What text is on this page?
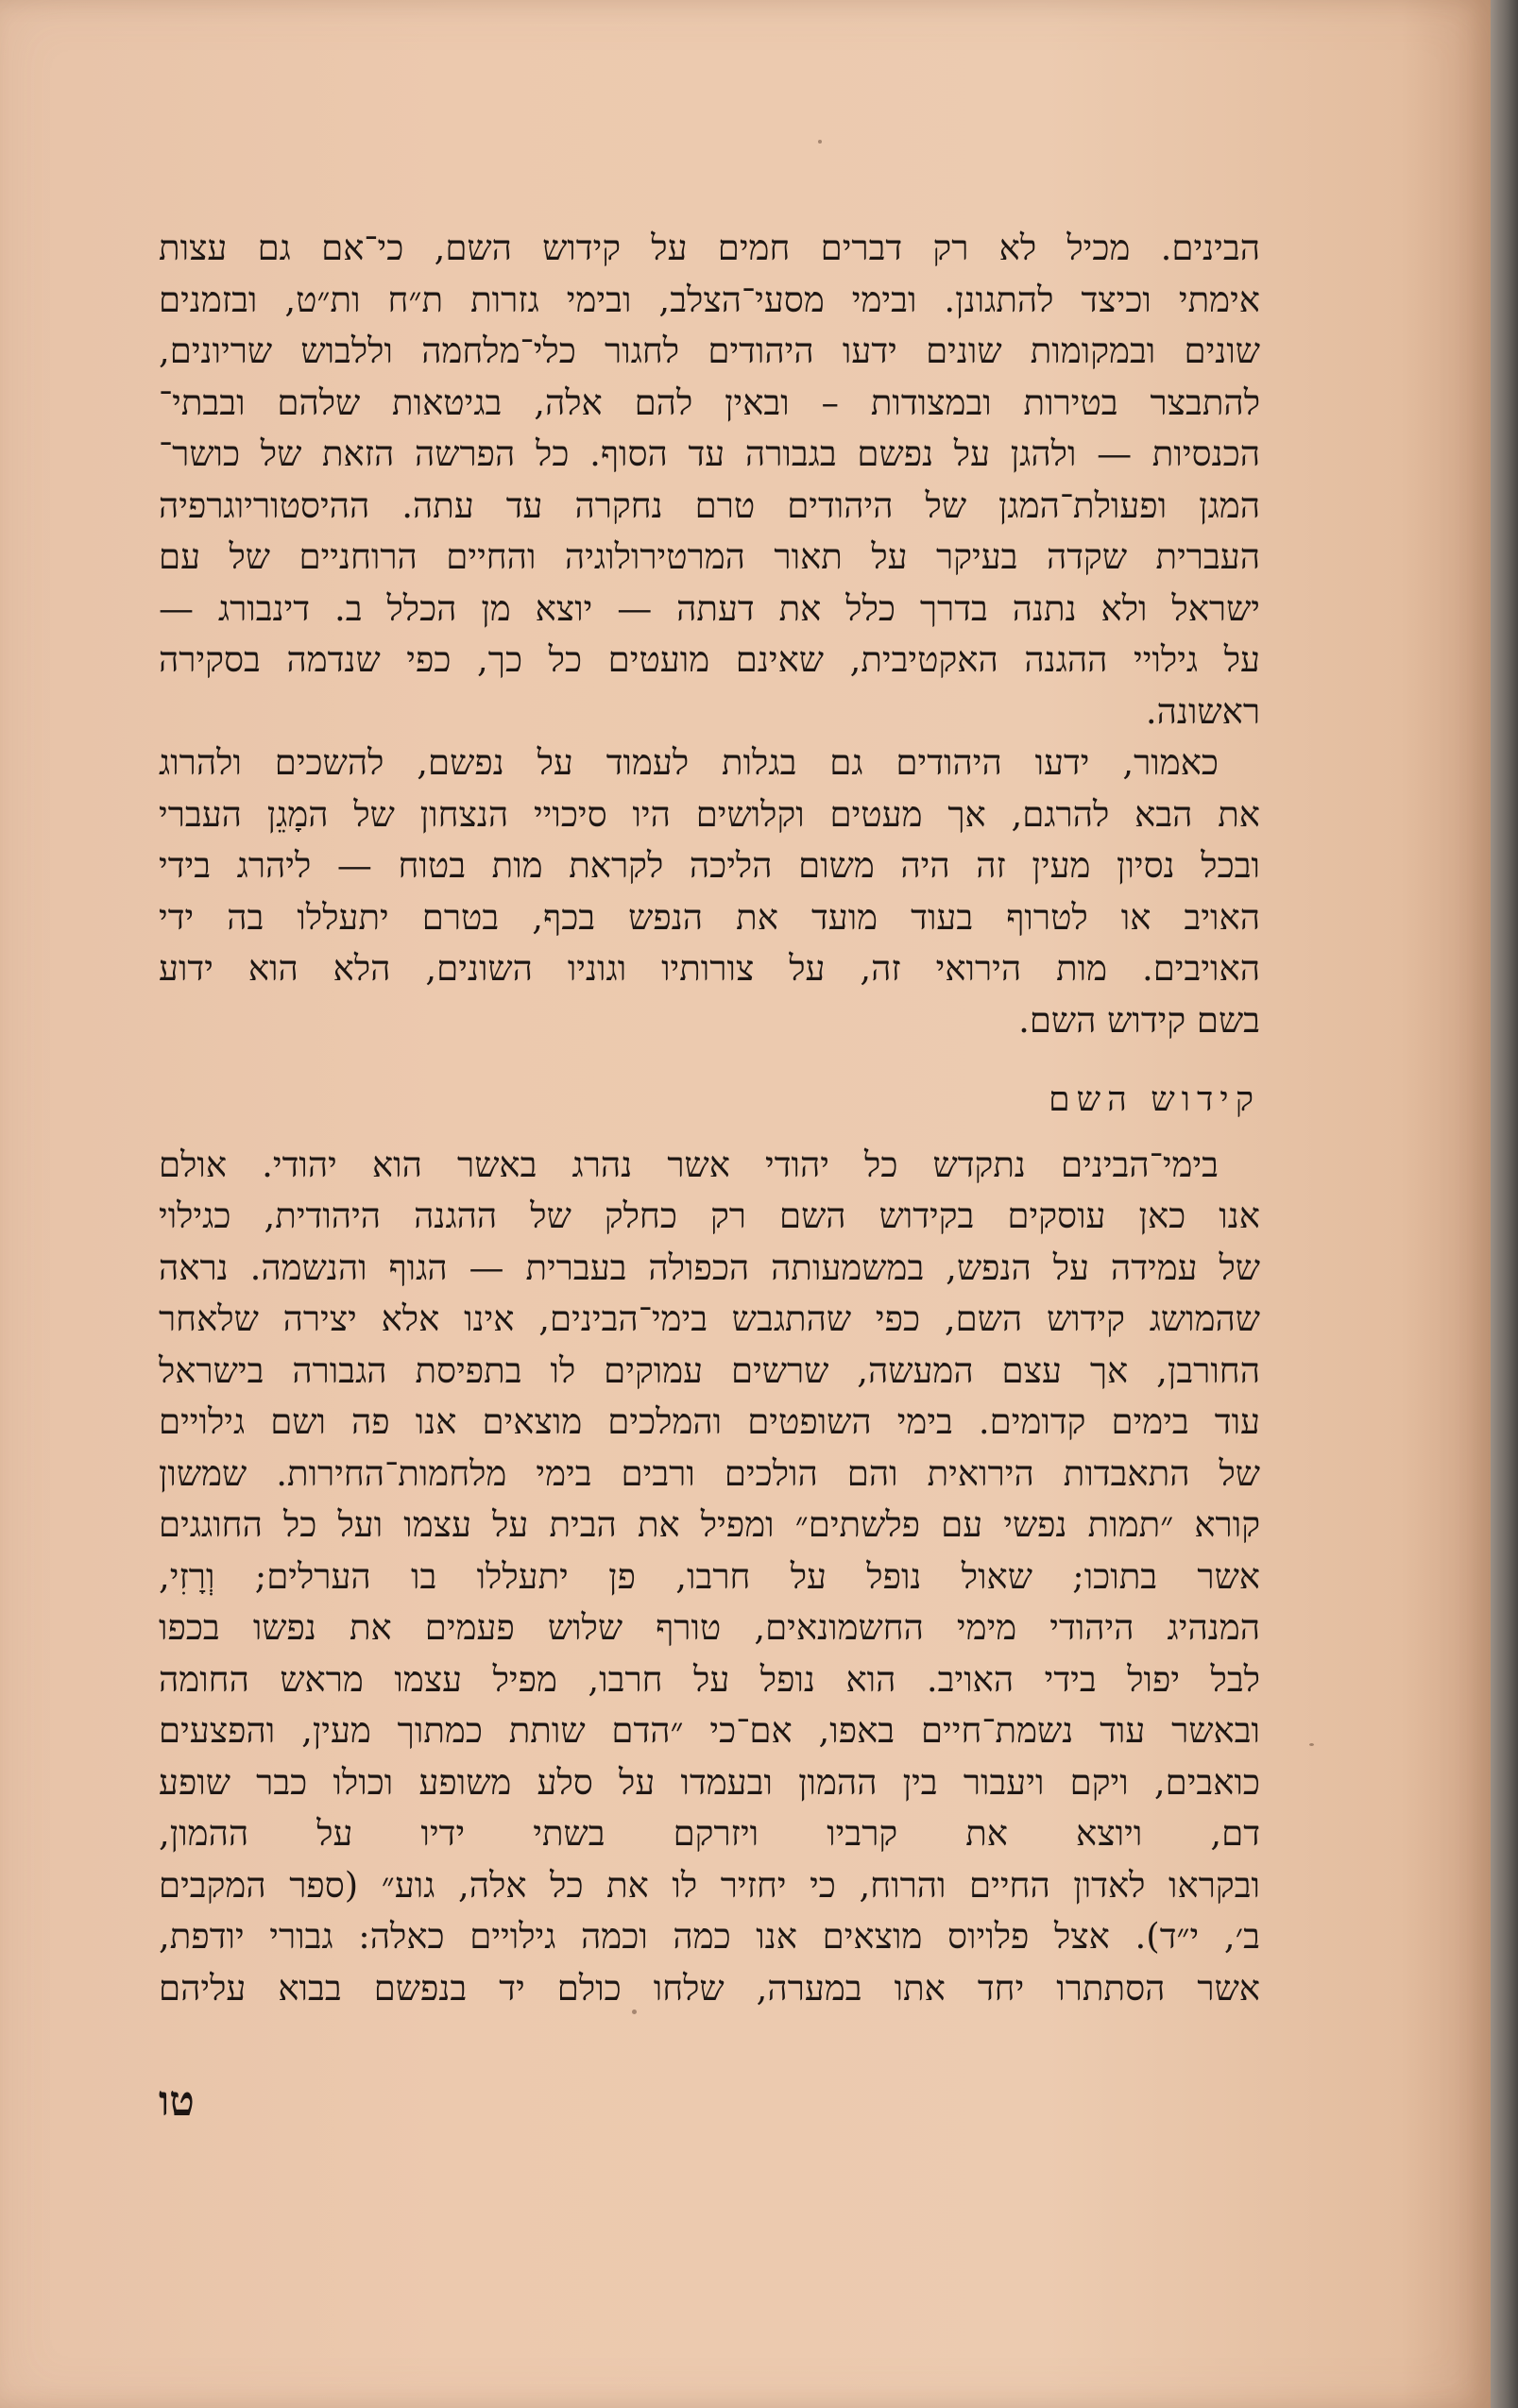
הבינים. מכיל לא רק דברים חמים על קידוש השם, כי־אם גם עצות
אימתי וכיצד להתגונן. ובימי מסעי־הצלב, ובימי גזרות ת״ח ות״ט, ובזמנים
שונים ובמקומות שונים ידעו היהודים לחגור כלי־מלחמה וללבוש שריונים,
להתבצר בטירות ובמצודות – ובאין להם אלה, בגיטאות שלהם ובבתי־
הכנסיות — ולהגן על נפשם בגבורה עד הסוף. כל הפרשה הזאת של כושר־
המגן ופעולת־המגן של היהודים טרם נחקרה עד עתה. ההיסטוריוגרפיה
העברית שקדה בעיקר על תאור המרטירולוגיה והחיים הרוחניים של עם
ישראל ולא נתנה בדרך כלל את דעתה — יוצא מן הכלל ב. דינבורג —
על גילויי ההגנה האקטיבית, שאינם מועטים כל כך, כפי שנדמה בסקירה
ראשונה.
כאמור, ידעו היהודים גם בגלות לעמוד על נפשם, להשכים ולהרוג
את הבא להרגם, אך מעטים וקלושים היו סיכויי הנצחון של המָגֵן העברי
ובכל נסיון מעין זה היה משום הליכה לקראת מות בטוח — ליהרג בידי
האויב או לטרוף בעוד מועד את הנפש בכף, בטרם יתעללו בה ידי
האויבים. מות הירואי זה, על צורותיו וגוניו השונים, הלא הוא ידוע
בשם קידוש השם.
קידוש השם
בימי־הבינים נתקדש כל יהודי אשר נהרג באשר הוא יהודי. אולם
אנו כאן עוסקים בקידוש השם רק כחלק של ההגנה היהודית, כגילוי
של עמידה על הנפש, במשמעותה הכפולה בעברית — הגוף והנשמה. נראה
שהמושג קידוש השם, כפי שהתגבש בימי־הבינים, אינו אלא יצירה שלאחר
החורבן, אך עצם המעשה, שרשים עמוקים לו בתפיסת הגבורה בישראל
עוד בימים קדומים. בימי השופטים והמלכים מוצאים אנו פה ושם גילויים
של התאבדות הירואית והם הולכים ורבים בימי מלחמות־החירות. שמשון
קורא ״תמות נפשי עם פלשתים״ ומפיל את הבית על עצמו ועל כל החוגגים
אשר בתוכו; שאול נופל על חרבו, פן יתעללו בו הערלים; וְרָזִי,
המנהיג היהודי מימי החשמונאים, טורף שלוש פעמים את נפשו בכפו
לבל יפול בידי האויב. הוא נופל על חרבו, מפיל עצמו מראש החומה
ובאשר עוד נשמת־חיים באפו, אם־כי ״הדם שותת כמתוך מעין, והפצעים
כואבים, ויקם ויעבור בין ההמון ובעמדו על סלע משופע וכולו כבר שופע
דם, ויוצא את קרביו ויזרקם בשתי ידיו על ההמון,
ובקראו לאדון החיים והרוח, כי יחזיר לו את כל אלה, גוע״ (ספר המקבים
ב׳, י״ד). אצל פלויוס מוצאים אנו כמה וכמה גילויים כאלה: גבורי יודפת,
אשר הסתתרו יחד אתו במערה, שלחו כולם יד בנפשם בבוא עליהם
טו
